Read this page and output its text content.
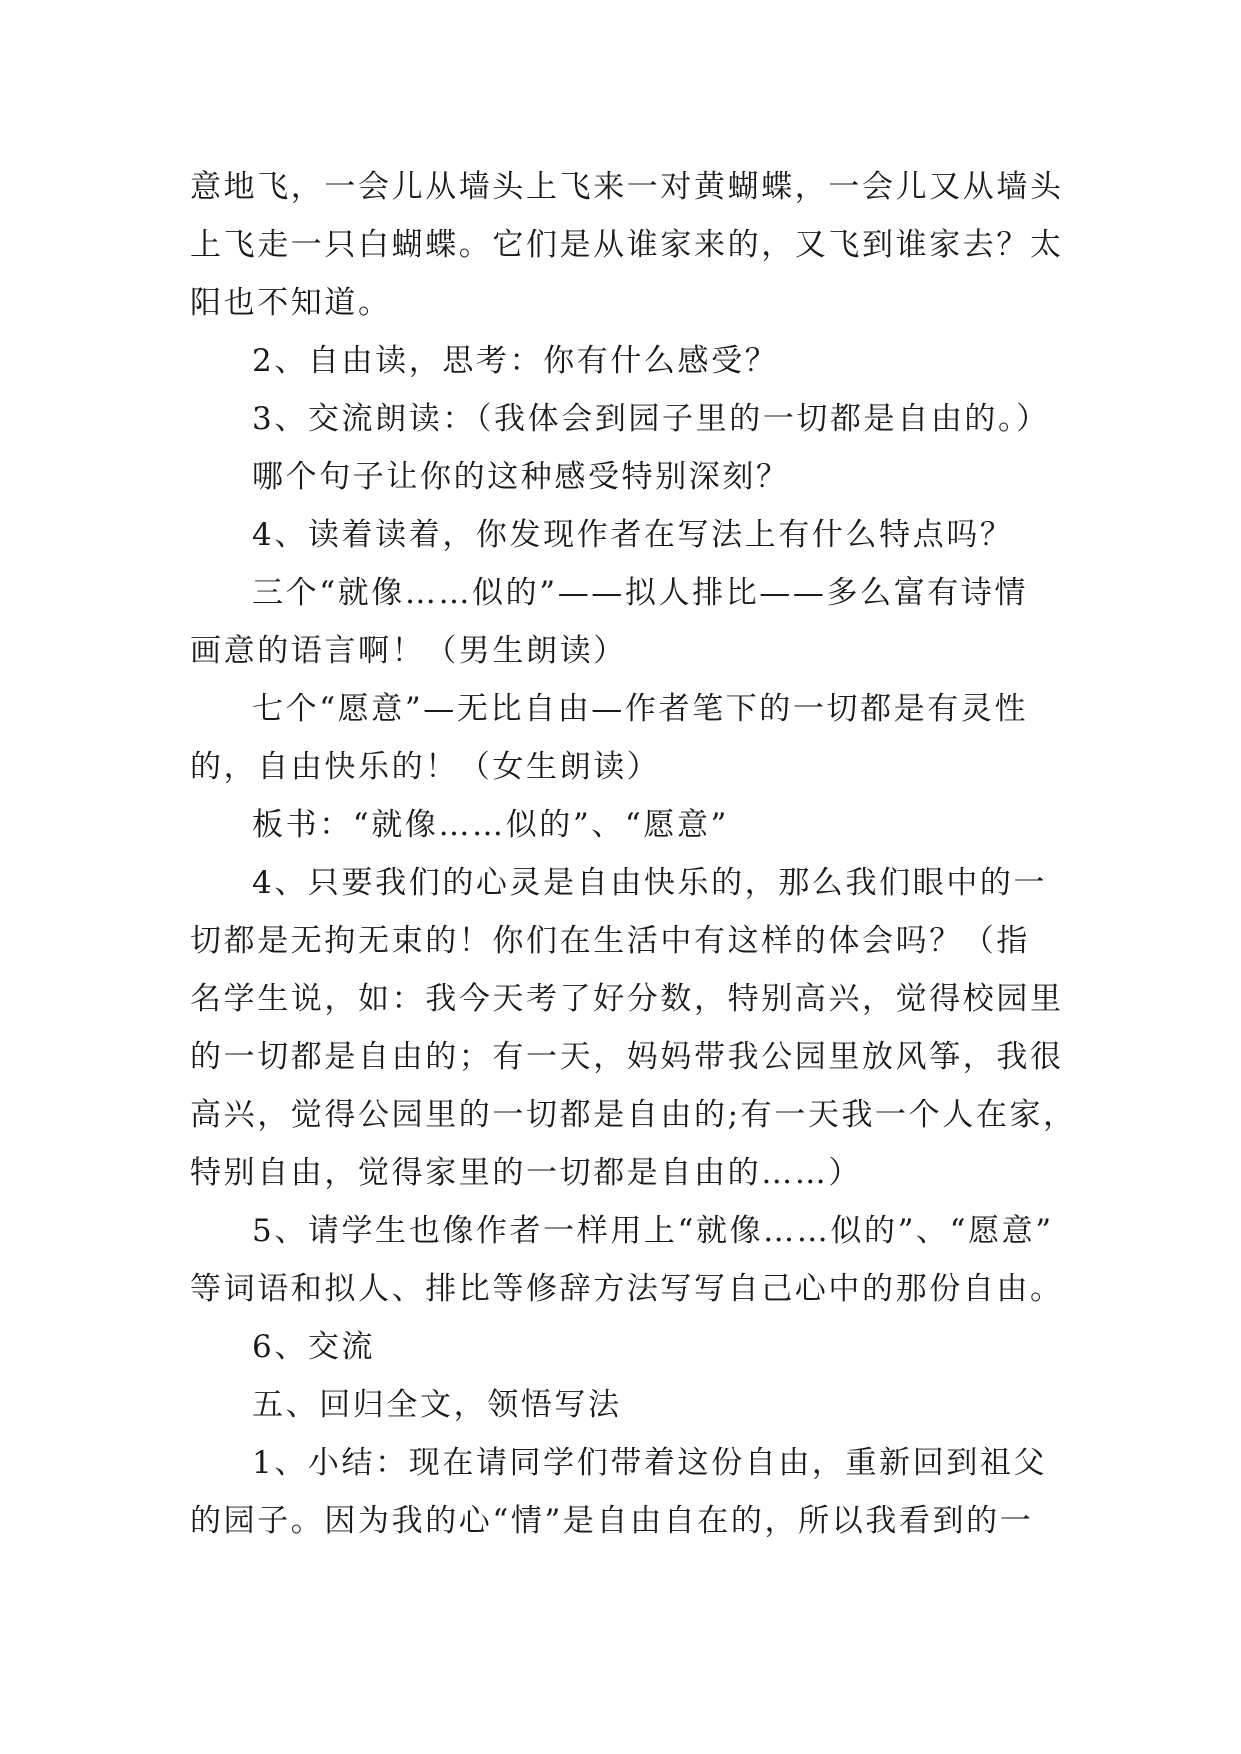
意地飞，一会儿从墙头上飞来一对黄蝴蝶，一会儿又从墙头
上飞走一只白蝴蝶。它们是从谁家来的，又飞到谁家去？太
阳也不知道。
2、自由读，思考：你有什么感受？
3、交流朗读：（我体会到园子里的一切都是自由的。）
哪个句子让你的这种感受特别深刻？
4、读着读着，你发现作者在写法上有什么特点吗？
三个“就像……似的”——拟人排比——多么富有诗情
画意的语言啊！（男生朗读）
七个“愿意”—无比自由—作者笔下的一切都是有灵性
的，自由快乐的！（女生朗读）
板书：“就像……似的”、“愿意”
4、只要我们的心灵是自由快乐的，那么我们眼中的一
切都是无拘无束的！你们在生活中有这样的体会吗？（指
名学生说，如：我今天考了好分数，特别高兴，觉得校园里
的一切都是自由的；有一天，妈妈带我公园里放风筝，我很
高兴，觉得公园里的一切都是自由的;有一天我一个人在家，
特别自由，觉得家里的一切都是自由的……）
5、请学生也像作者一样用上“就像……似的”、“愿意”
等词语和拟人、排比等修辞方法写写自己心中的那份自由。
6、交流
五、回归全文，领悟写法
1、小结：现在请同学们带着这份自由，重新回到祖父
的园子。因为我的心“情”是自由自在的，所以我看到的一
